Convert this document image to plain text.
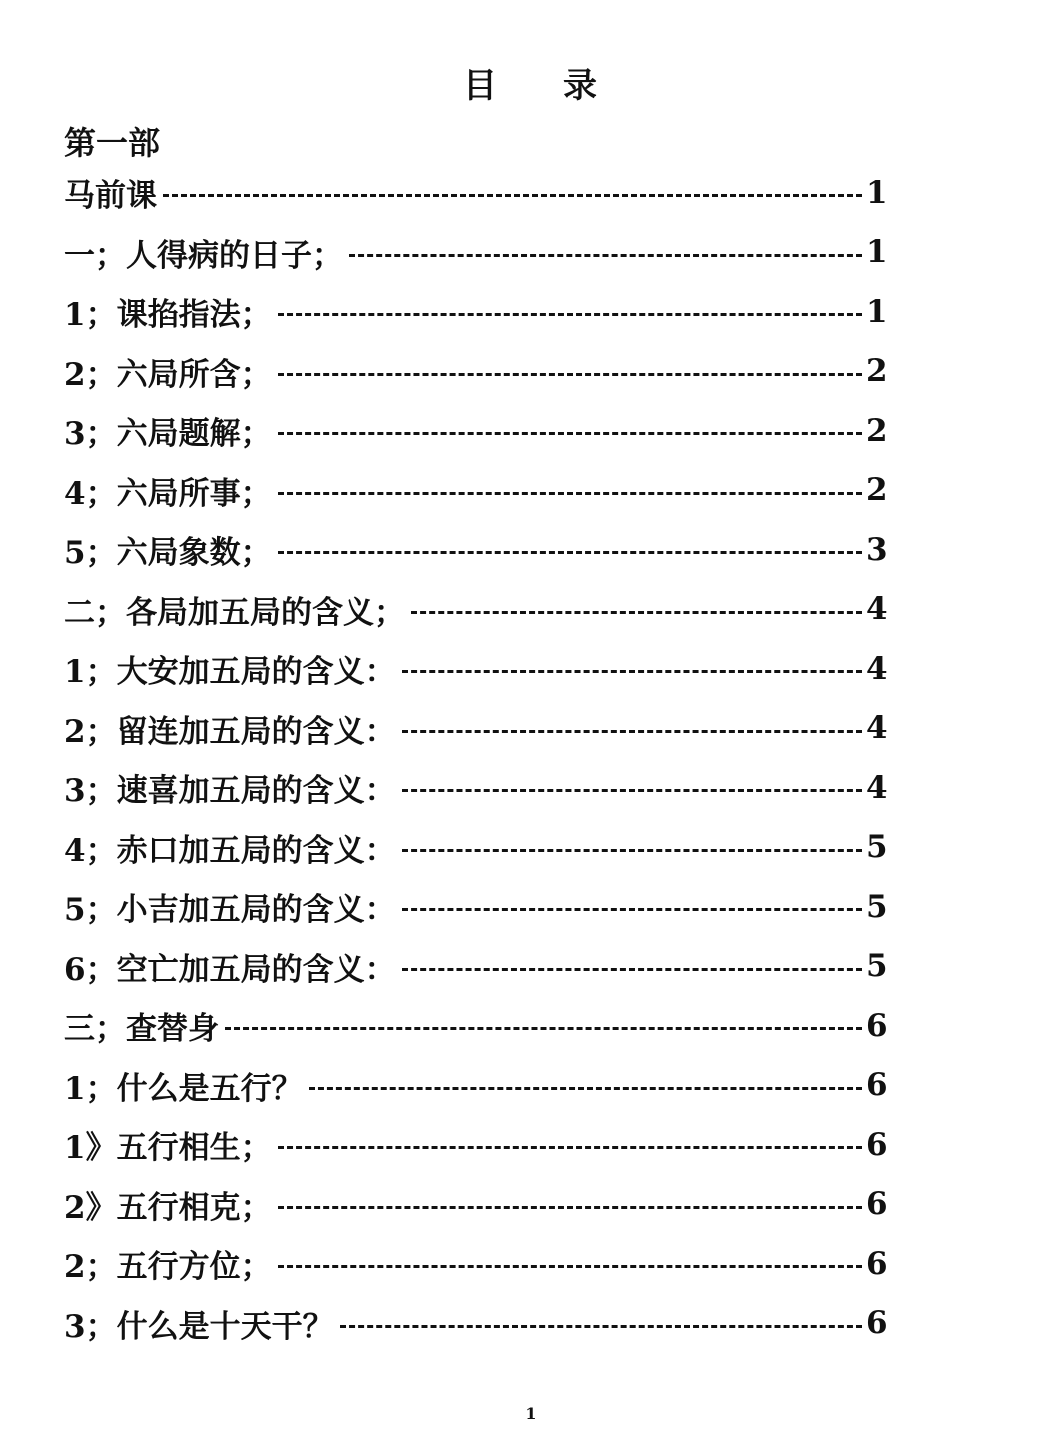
目 录
第一部
马前课	1
一；人得病的日子；	1
1；课掐指法；	1
2；六局所含；	2
3；六局题解；	2
4；六局所事；	2
5；六局象数；	3
二；各局加五局的含义；	4
1；大安加五局的含义：	4
2；留连加五局的含义：	4
3；速喜加五局的含义：	4
4；赤口加五局的含义：	5
5；小吉加五局的含义：	5
6；空亡加五局的含义：	5
三；查替身	6
1；什么是五行？	6
1》五行相生；	6
2》五行相克；	6
2；五行方位；	6
3；什么是十天干？	6
1
